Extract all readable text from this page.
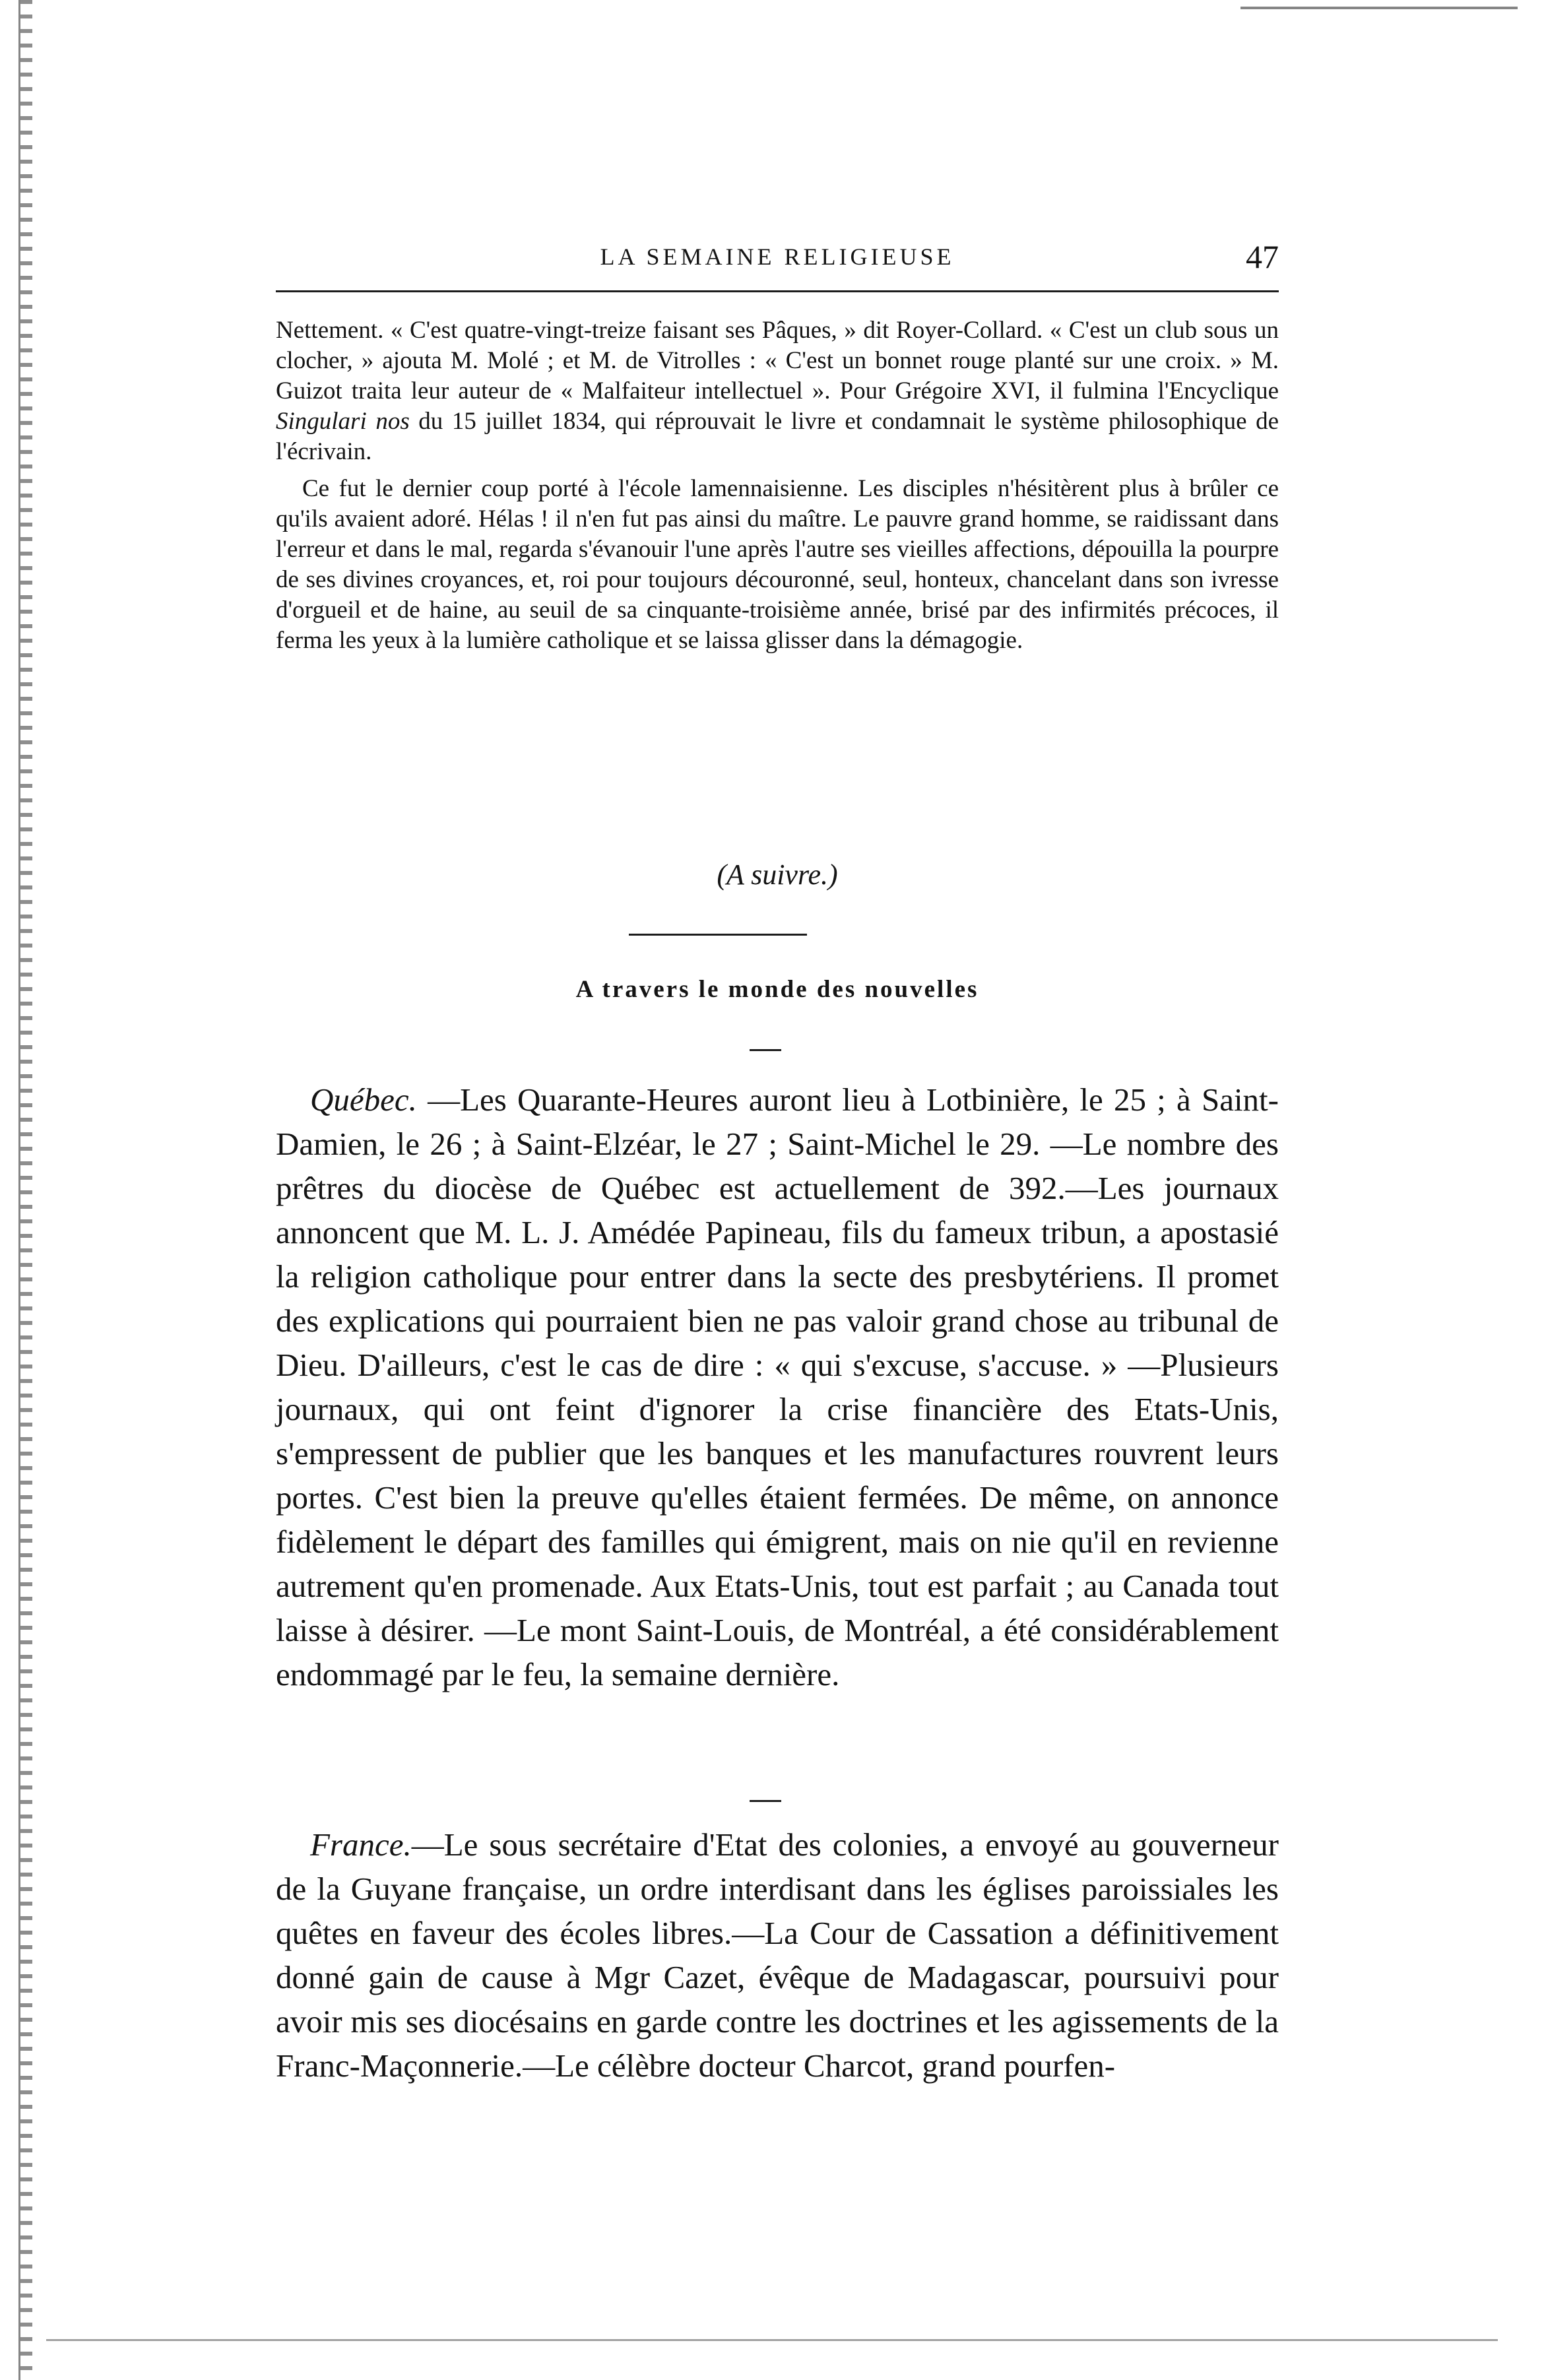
LA SEMAINE RELIGIEUSE	47

Nettement. « C'est quatre-vingt-treize faisant ses Pâques, » dit Royer-Collard. « C'est un club sous un clocher, » ajouta M. Molé ; et M. de Vitrolles : « C'est un bonnet rouge planté sur une croix. » M. Guizot traita leur auteur de « Malfaiteur intellectuel ». Pour Grégoire XVI, il fulmina l'Encyclique Singulari nos du 15 juillet 1834, qui réprouvait le livre et condamnait le système philosophique de l'écrivain.

Ce fut le dernier coup porté à l'école lamennaisienne. Les disciples n'hésitèrent plus à brûler ce qu'ils avaient adoré. Hélas ! il n'en fut pas ainsi du maître. Le pauvre grand homme, se raidissant dans l'erreur et dans le mal, regarda s'évanouir l'une après l'autre ses vieilles affections, dépouilla la pourpre de ses divines croyances, et, roi pour toujours découronné, seul, honteux, chancelant dans son ivresse d'orgueil et de haine, au seuil de sa cinquante-troisième année, brisé par des infirmités précoces, il ferma les yeux à la lumière catholique et se laissa glisser dans la démagogie.

(A suivre.)
A travers le monde des nouvelles

Québec. —Les Quarante-Heures auront lieu à Lotbinière, le 25 ; à Saint-Damien, le 26 ; à Saint-Elzéar, le 27 ; Saint-Michel le 29. —Le nombre des prêtres du diocèse de Québec est actuellement de 392.—Les journaux annoncent que M. L. J. Amédée Papineau, fils du fameux tribun, a apostasié la religion catholique pour entrer dans la secte des presbytériens. Il promet des explications qui pourraient bien ne pas valoir grand chose au tribunal de Dieu. D'ailleurs, c'est le cas de dire : « qui s'excuse, s'accuse. » —Plusieurs journaux, qui ont feint d'ignorer la crise financière des Etats-Unis, s'empressent de publier que les banques et les manufactures rouvrent leurs portes. C'est bien la preuve qu'elles étaient fermées. De même, on annonce fidèlement le départ des familles qui émigrent, mais on nie qu'il en revienne autrement qu'en promenade. Aux Etats-Unis, tout est parfait ; au Canada tout laisse à désirer. —Le mont Saint-Louis, de Montréal, a été considérablement endommagé par le feu, la semaine dernière.

France.—Le sous secrétaire d'Etat des colonies, a envoyé au gouverneur de la Guyane française, un ordre interdisant dans les églises paroissiales les quêtes en faveur des écoles libres.—La Cour de Cassation a définitivement donné gain de cause à Mgr Cazet, évêque de Madagascar, poursuivi pour avoir mis ses diocésains en garde contre les doctrines et les agissements de la Franc-Maçonnerie.—Le célèbre docteur Charcot, grand pourfen-
